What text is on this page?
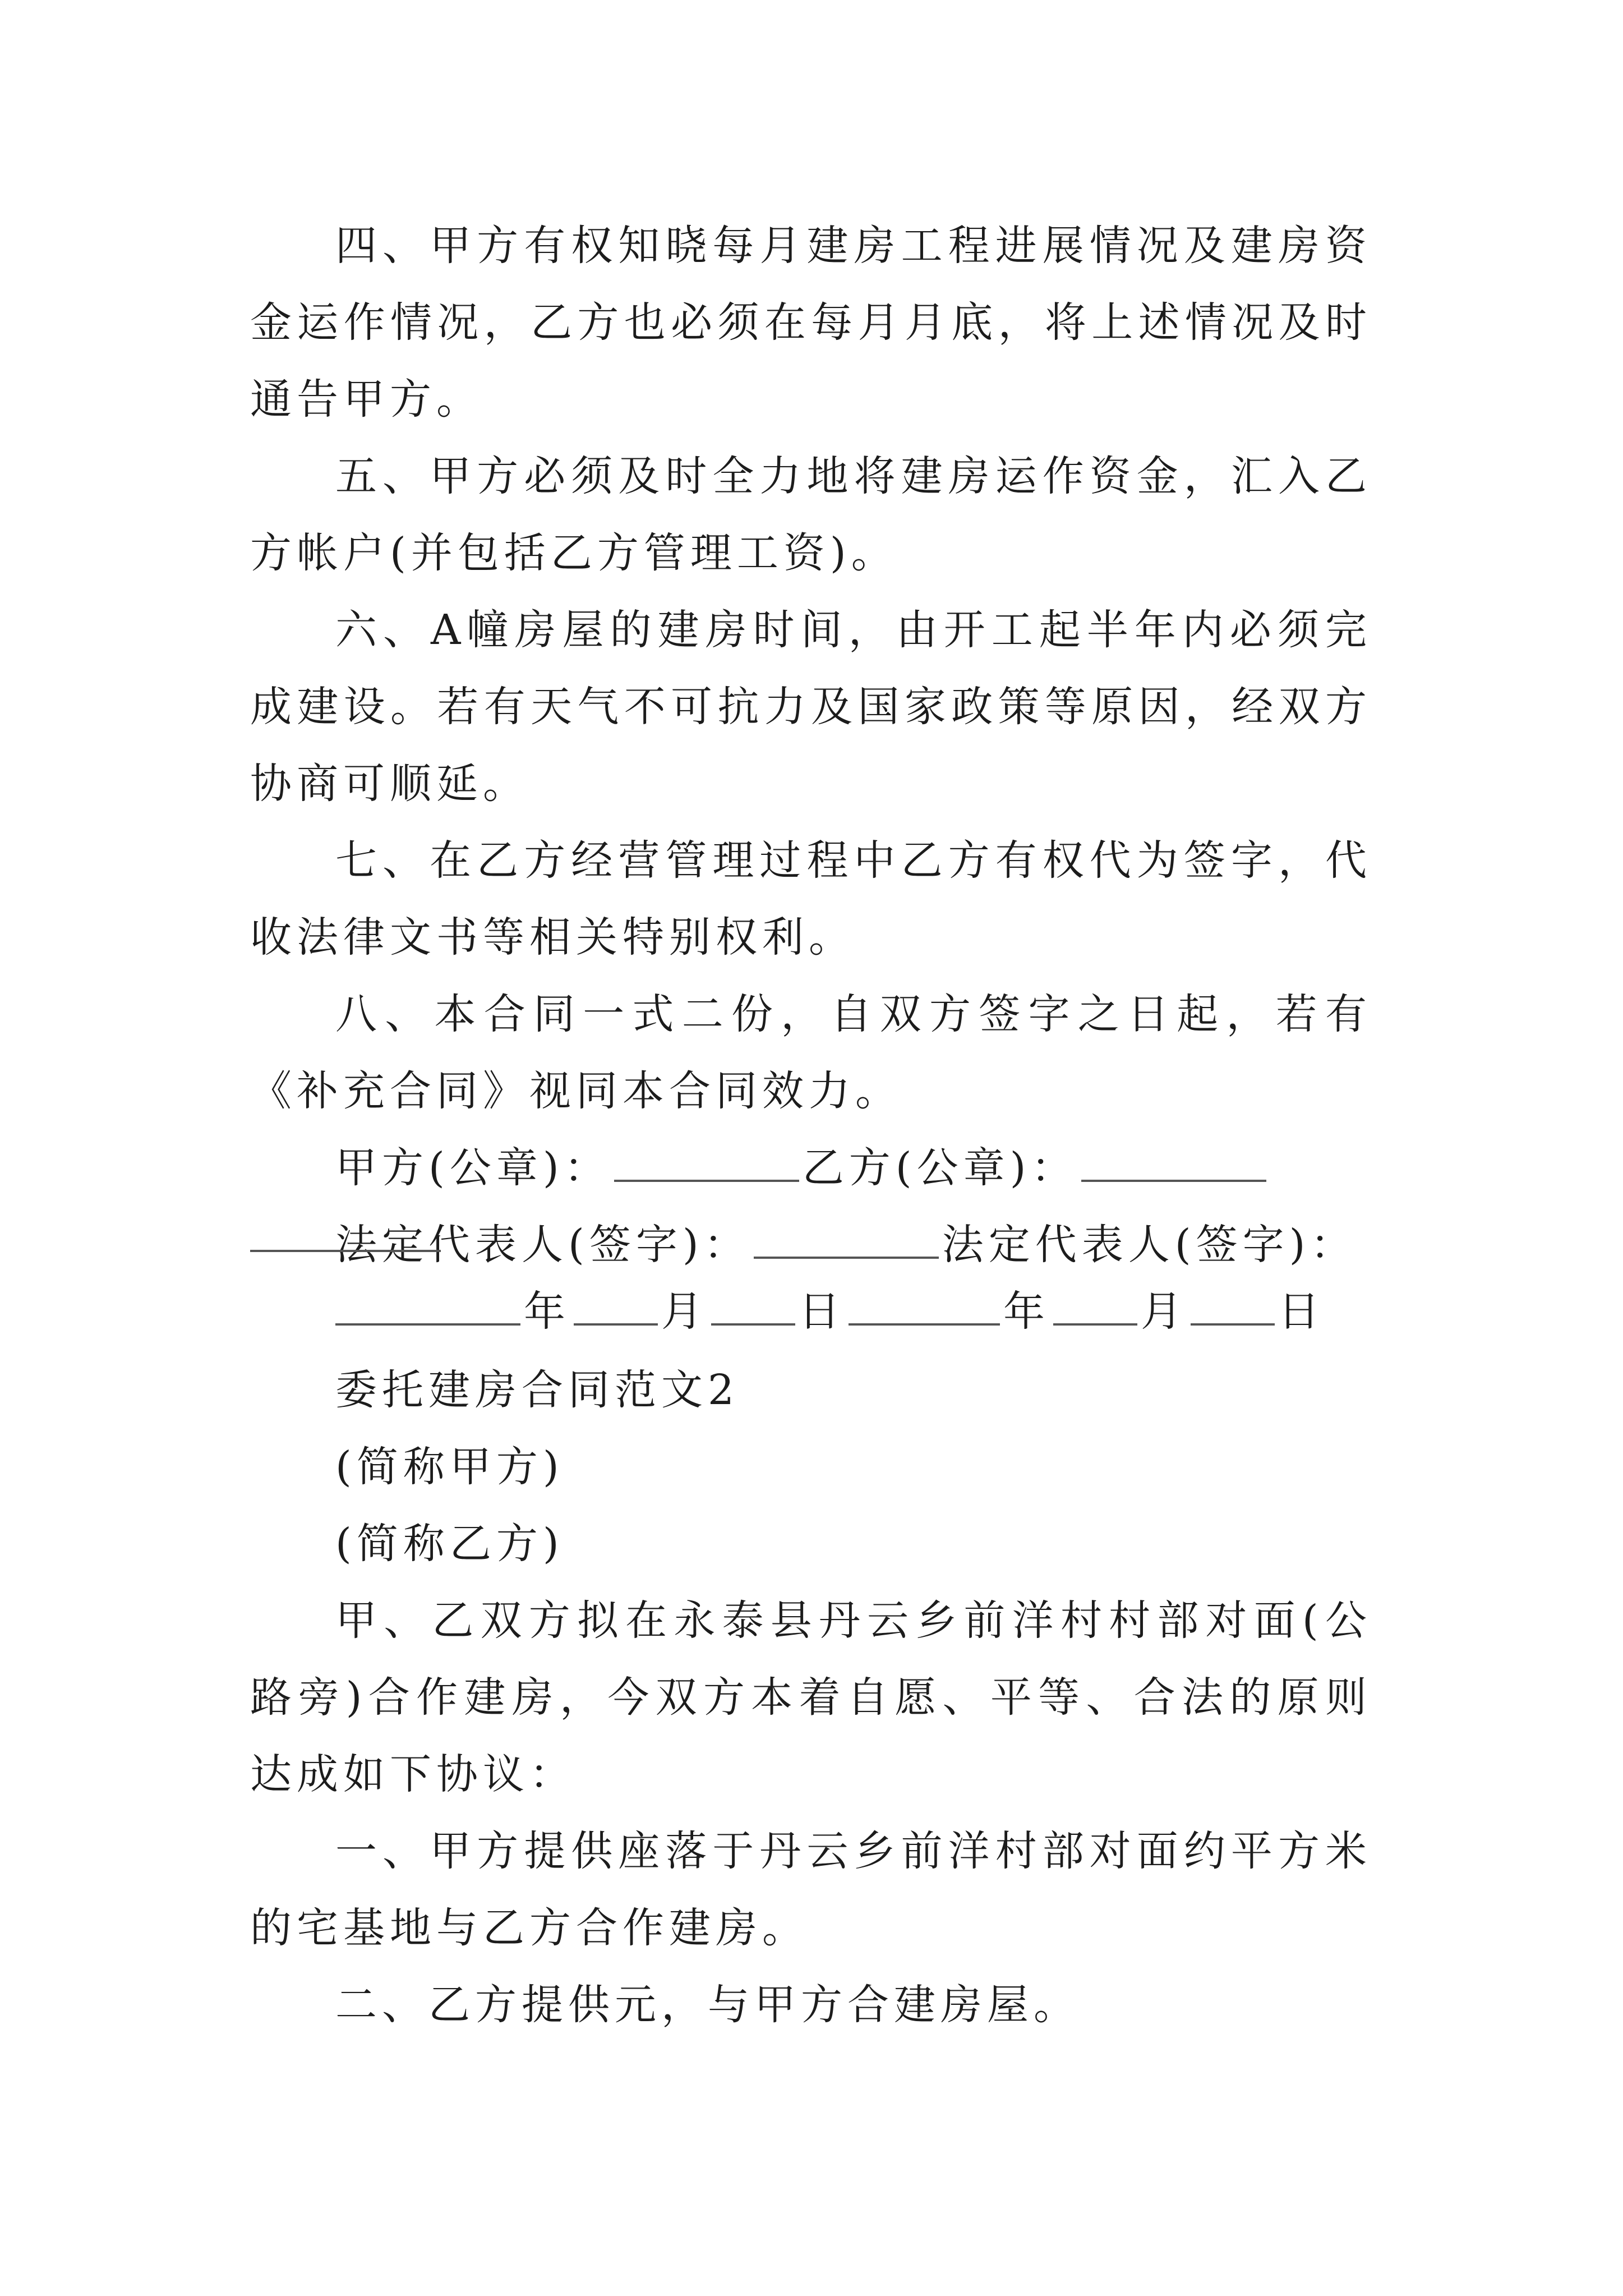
四、甲方有权知晓每月建房工程进展情况及建房资金运作情况，乙方也必须在每月月底，将上述情况及时通告甲方。

五、甲方必须及时全力地将建房运作资金，汇入乙方帐户(并包括乙方管理工资)。

六、A幢房屋的建房时间，由开工起半年内必须完成建设。若有天气不可抗力及国家政策等原因，经双方协商可顺延。

七、在乙方经营管理过程中乙方有权代为签字，代收法律文书等相关特别权利。

八、本合同一式二份，自双方签字之日起，若有《补充合同》视同本合同效力。

甲方(公章)：	乙方(公章)：

法定代表人(签字)：	法定代表人(签字)：

年 月 日	年 月 日

委托建房合同范文2

(简称甲方)

(简称乙方)

甲、乙双方拟在永泰县丹云乡前洋村村部对面(公路旁)合作建房，今双方本着自愿、平等、合法的原则达成如下协议：

一、甲方提供座落于丹云乡前洋村部对面约平方米的宅基地与乙方合作建房。

二、乙方提供元，与甲方合建房屋。
